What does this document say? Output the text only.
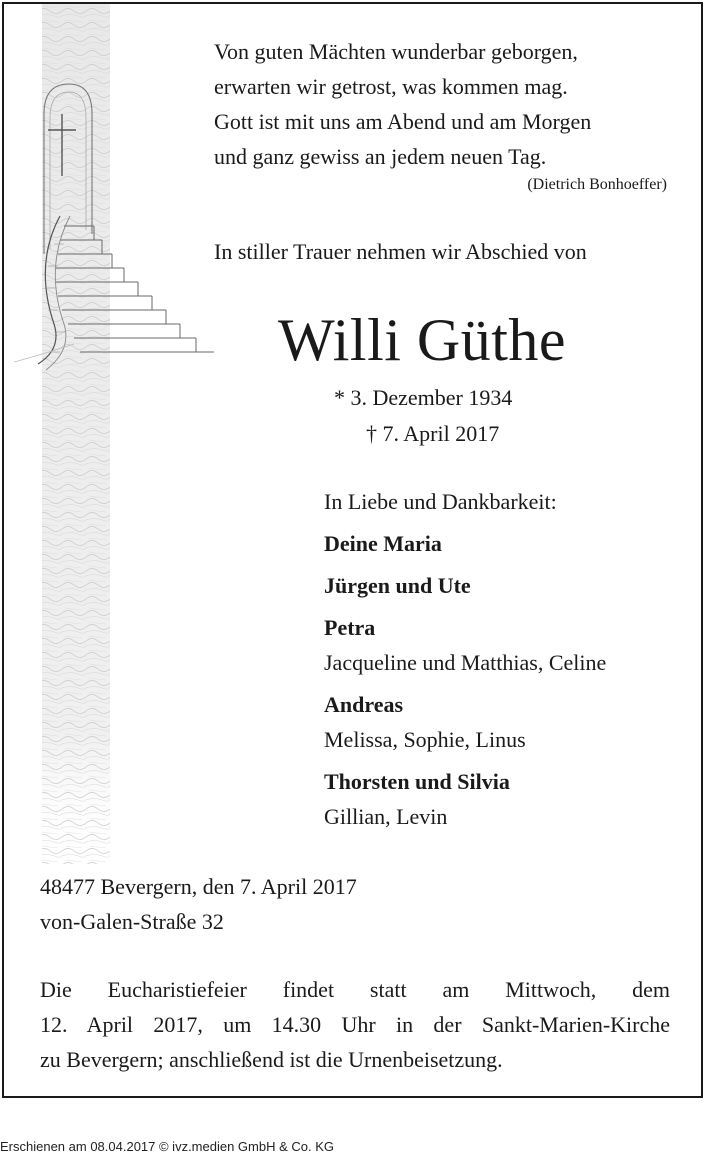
Von guten Mächten wunderbar geborgen,
erwarten wir getrost, was kommen mag.
Gott ist mit uns am Abend und am Morgen
und ganz gewiss an jedem neuen Tag.
(Dietrich Bonhoeffer)
In stiller Trauer nehmen wir Abschied von
Willi Güthe
* 3. Dezember 1934
† 7. April 2017
In Liebe und Dankbarkeit:
Deine Maria
Jürgen und Ute
Petra
Jacqueline und Matthias, Celine
Andreas
Melissa, Sophie, Linus
Thorsten und Silvia
Gillian, Levin
48477 Bevergern, den 7. April 2017
von-Galen-Straße 32
Die Eucharistiefeier findet statt am Mittwoch, dem
12. April 2017, um 14.30 Uhr in der Sankt-Marien-Kirche
zu Bevergern; anschließend ist die Urnenbeisetzung.
Erschienen am 08.04.2017 © ivz.medien GmbH & Co. KG
